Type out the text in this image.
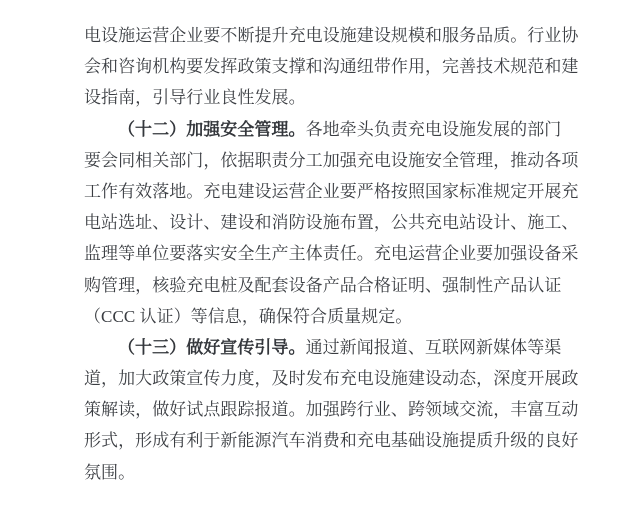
电设施运营企业要不断提升充电设施建设规模和服务品质。行业协
会和咨询机构要发挥政策支撑和沟通纽带作用，完善技术规范和建
设指南，引导行业良性发展。
（十二）加强安全管理。各地牵头负责充电设施发展的部门
要会同相关部门，依据职责分工加强充电设施安全管理，推动各项
工作有效落地。充电建设运营企业要严格按照国家标准规定开展充
电站选址、设计、建设和消防设施布置，公共充电站设计、施工、
监理等单位要落实安全生产主体责任。充电运营企业要加强设备采
购管理，核验充电桩及配套设备产品合格证明、强制性产品认证
（CCC 认证）等信息，确保符合质量规定。
（十三）做好宣传引导。通过新闻报道、互联网新媒体等渠
道，加大政策宣传力度，及时发布充电设施建设动态，深度开展政
策解读，做好试点跟踪报道。加强跨行业、跨领域交流，丰富互动
形式，形成有利于新能源汽车消费和充电基础设施提质升级的良好
氛围。
